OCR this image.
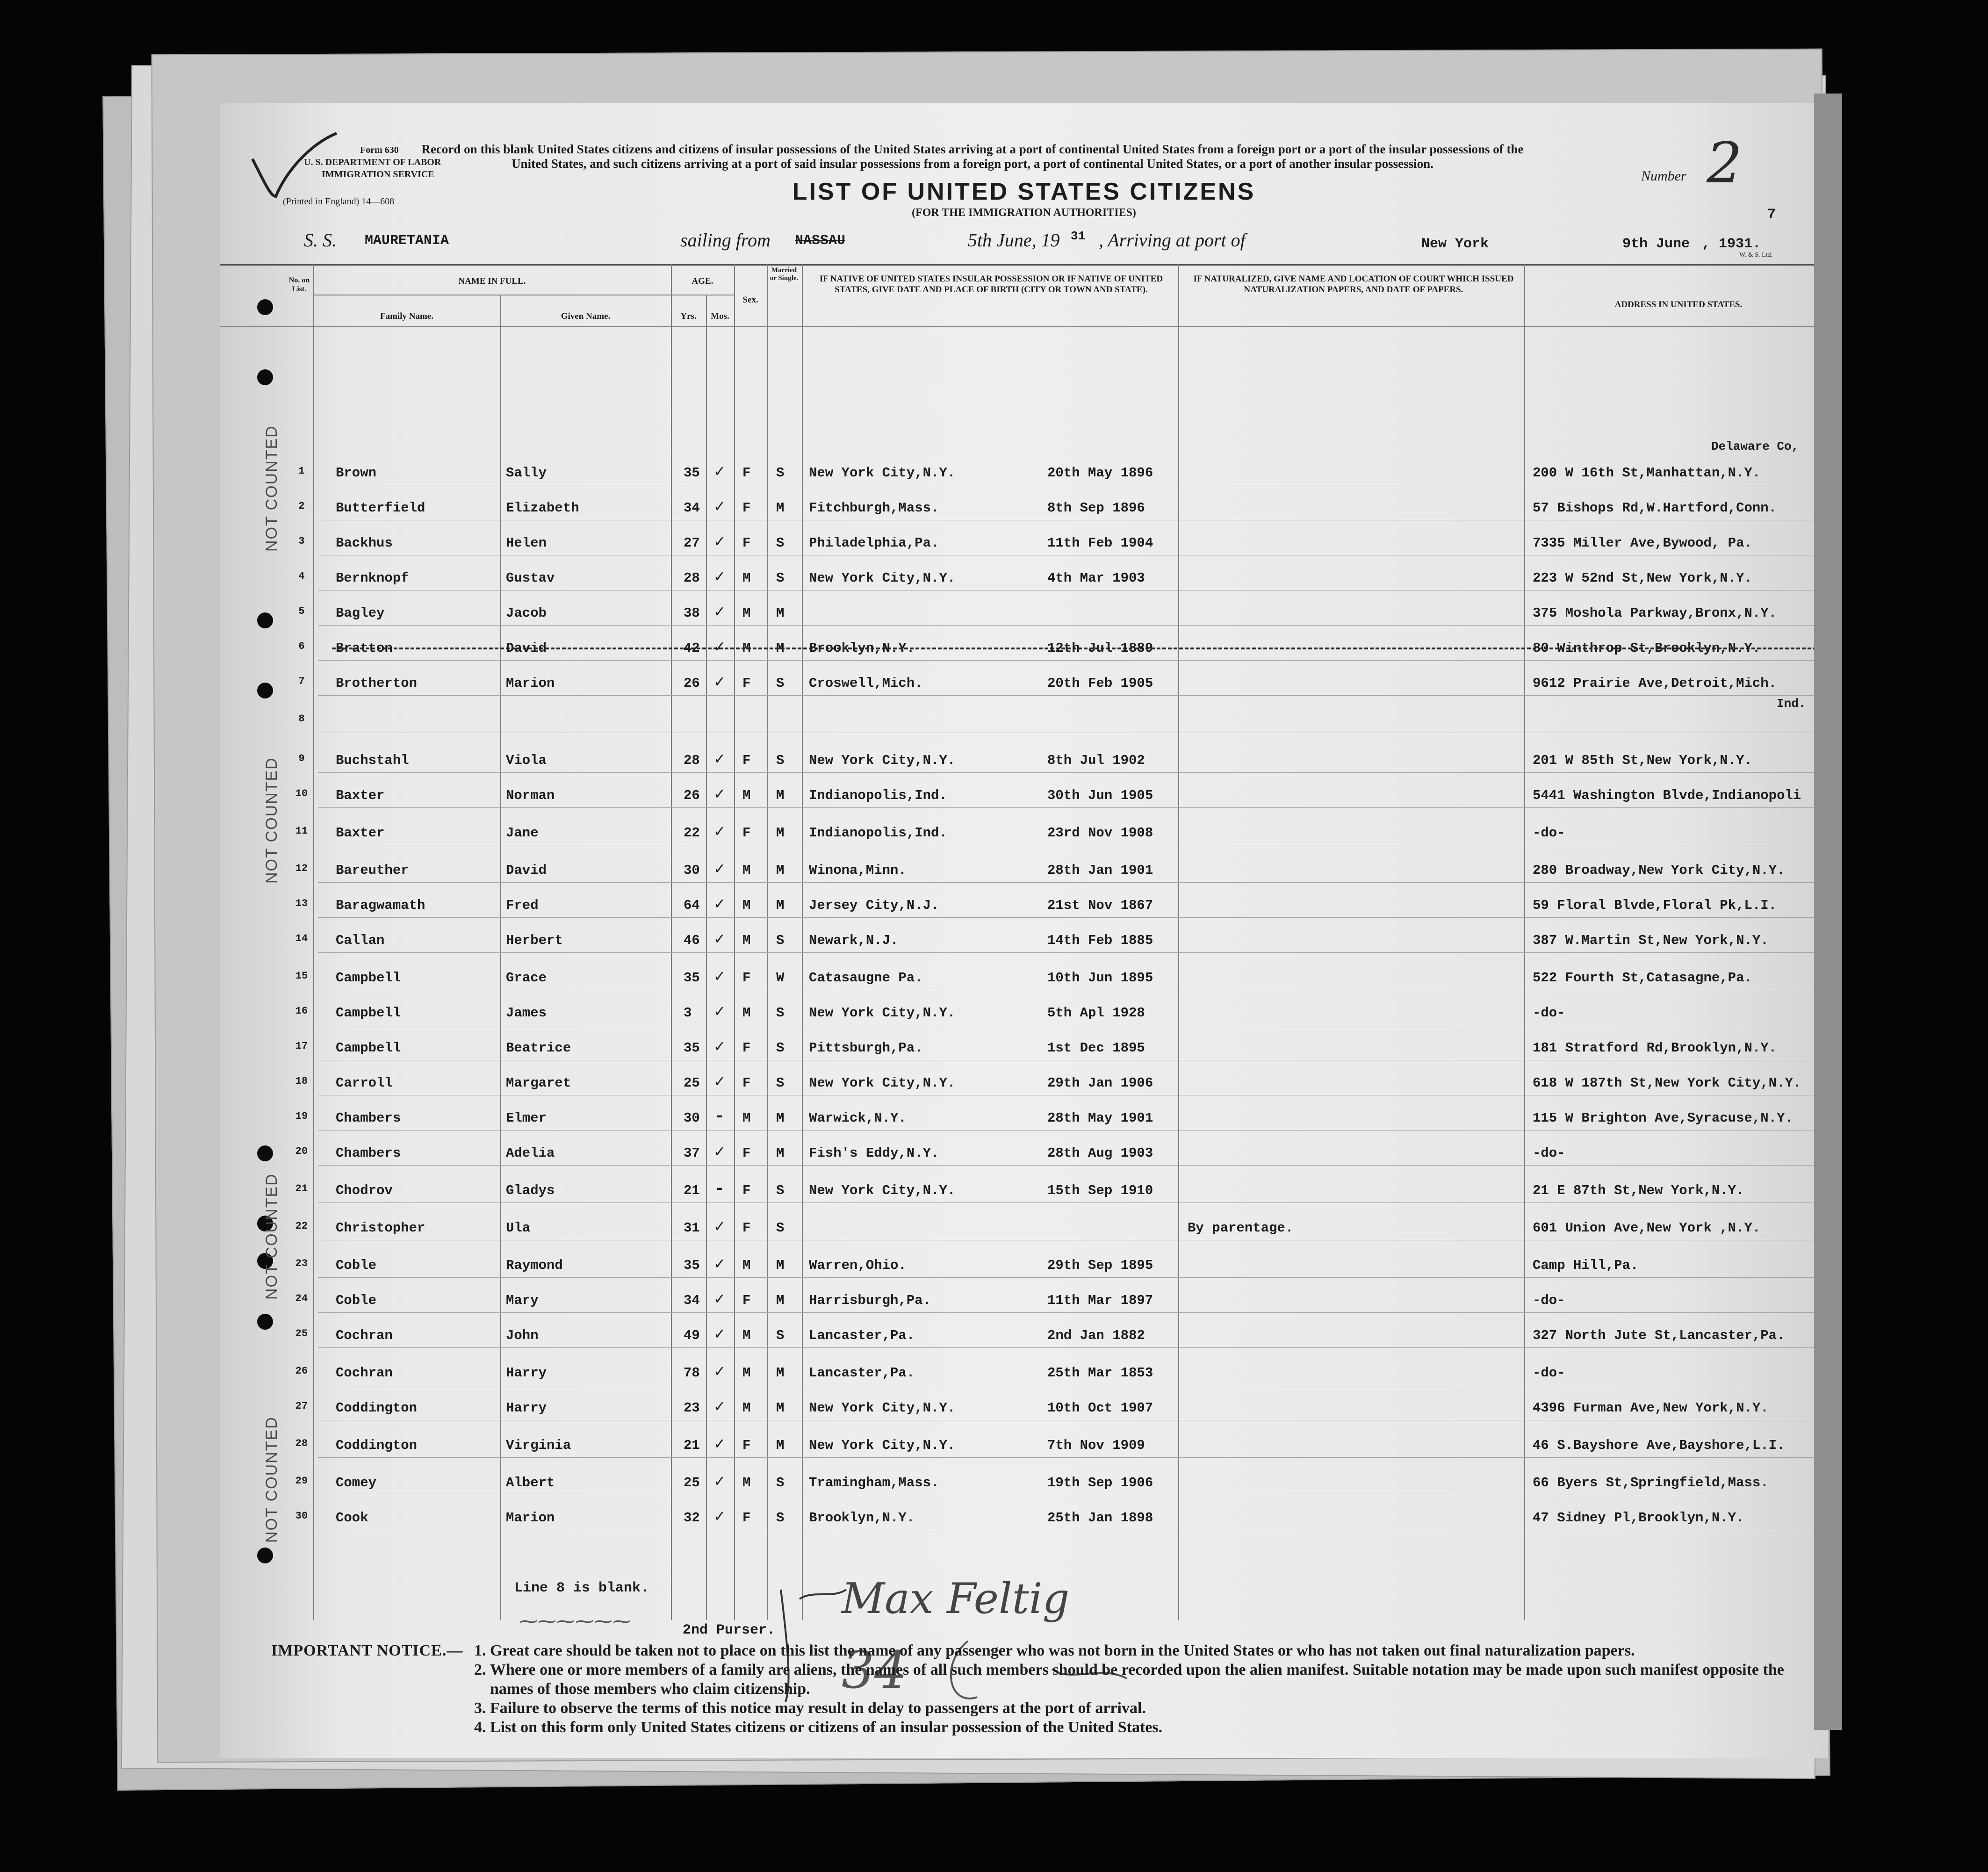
Form 630
U. S. DEPARTMENT OF LABOR
IMMIGRATION SERVICE
(Printed in England) 14—608
Record on this blank United States citizens and citizens of insular possessions of the United States arriving at a port of continental United States from a foreign port or a port of the insular possessions of the United States, and such citizens arriving at a port of said insular possessions from a foreign port, a port of continental United States, or a port of another insular possession.
Number 2
7
LIST OF UNITED STATES CITIZENS
(FOR THE IMMIGRATION AUTHORITIES)
S. S. MAURETANIA	sailing from NASSAU	5th June, 19 31 , Arriving at port of	New York	9th June , 1931.
W. & S. Ltd.
No. on List.
NAME IN FULL.
Family Name.	Given Name.
AGE.
Yrs.	Mos.
Sex.
Married or Single.	IF NATIVE OF UNITED STATES INSULAR POSSESSION OR IF NATIVE OF UNITED STATES, GIVE DATE AND PLACE OF BIRTH (CITY OR TOWN AND STATE).
IF NATURALIZED, GIVE NAME AND LOCATION OF COURT WHICH ISSUED NATURALIZATION PAPERS, AND DATE OF PAPERS.
ADDRESS IN UNITED STATES.
1	Brown	Sally	35 ✓ F S New York City,N.Y.	20th May 1896	200 W 16th St,Manhattan,N.Y.
2	Butterfield	Elizabeth	34 ✓ F M Fitchburgh,Mass.	8th Sep 1896	57 Bishops Rd,W.Hartford,Conn.
3	Backhus	Helen	27 ✓ F S Philadelphia,Pa.	11th Feb 1904	7335 Miller Ave,Bywood, Pa.
4	Bernknopf	Gustav	28 ✓ M S New York City,N.Y.	4th Mar 1903	223 W 52nd St,New York,N.Y.
5	Bagley	Jacob	38 ✓ M M	375 Moshola Parkway,Bronx,N.Y.
6	Bratton	David	42 ✓ M M Brooklyn,N.Y.	12th Jul 1889	80 Winthrop St,Brooklyn,N.Y.
7	Brotherton	Marion	26 ✓ F S Croswell,Mich.	20th Feb 1905	9612 Prairie Ave,Detroit,Mich.
8
9	Buchstahl	Viola	28 ✓ F S New York City,N.Y.	8th Jul 1902	201 W 85th St,New York,N.Y.
10	Baxter	Norman	26 ✓ M M Indianopolis,Ind.	30th Jun 1905	5441 Washington Blvde,Indianopoli
11	Baxter	Jane	22 ✓ F M Indianopolis,Ind.	23rd Nov 1908	-do-
12	Bareuther	David	30 ✓ M M Winona,Minn.	28th Jan 1901	280 Broadway,New York City,N.Y.
13	Baragwamath	Fred	64 ✓ M M Jersey City,N.J.	21st Nov 1867	59 Floral Blvde,Floral Pk,L.I.
14	Callan	Herbert	46 ✓ M S Newark,N.J.	14th Feb 1885	387 W.Martin St,New York,N.Y.
15	Campbell	Grace	35 ✓ F W Catasaugne Pa.	10th Jun 1895	522 Fourth St,Catasagne,Pa.
16	Campbell	James	3 ✓ M S New York City,N.Y.	5th Apl 1928	-do-
17	Campbell	Beatrice	35 ✓ F S Pittsburgh,Pa.	1st Dec 1895	181 Stratford Rd,Brooklyn,N.Y.
18	Carroll	Margaret	25 ✓ F S New York City,N.Y.	29th Jan 1906	618 W 187th St,New York City,N.Y.
19	Chambers	Elmer	30 - M M Warwick,N.Y.	28th May 1901	115 W Brighton Ave,Syracuse,N.Y.
20	Chambers	Adelia	37 ✓ F M Fish's Eddy,N.Y.	28th Aug 1903	-do-
21	Chodrov	Gladys	21 - F S New York City,N.Y.	15th Sep 1910	21 E 87th St,New York,N.Y.
22	Christopher	Ula	31 ✓ F S	By parentage.	601 Union Ave,New York ,N.Y.
23	Coble	Raymond	35 ✓ M M Warren,Ohio.	29th Sep 1895	Camp Hill,Pa.
24	Coble	Mary	34 ✓ F M Harrisburgh,Pa.	11th Mar 1897	-do-
25	Cochran	John	49 ✓ M S Lancaster,Pa.	2nd Jan 1882	327 North Jute St,Lancaster,Pa.
26	Cochran	Harry	78 ✓ M M Lancaster,Pa.	25th Mar 1853	-do-
27	Coddington	Harry	23 ✓ M M New York City,N.Y.	10th Oct 1907	4396 Furman Ave,New York,N.Y.
28	Coddington	Virginia	21 ✓ F M New York City,N.Y.	7th Nov 1909	46 S.Bayshore Ave,Bayshore,L.I.
29	Comey	Albert	25 ✓ M S Tramingham,Mass.	19th Sep 1906	66 Byers St,Springfield,Mass.
30	Cook	Marion	32 ✓ F S Brooklyn,N.Y.	25th Jan 1898	47 Sidney Pl,Brooklyn,N.Y.
Delaware Co,
Ind.
Line 8 is blank.
2nd Purser.
⁓⁓⁓⁓⁓⁓	Max Feltig
34
NOT COUNTED
NOT COUNTED
NOT COUNTED
NOT COUNTED
IMPORTANT NOTICE.—
1. Great care should be taken not to place on this list the name of any passenger who was not born in the United States or who has not taken out final naturalization papers.
2. Where one or more members of a family are aliens, the names of all such members should be recorded upon the alien manifest. Suitable notation may be made upon such manifest opposite the names of those members who claim citizenship.
3. Failure to observe the terms of this notice may result in delay to passengers at the port of arrival.
4. List on this form only United States citizens or citizens of an insular possession of the United States.
